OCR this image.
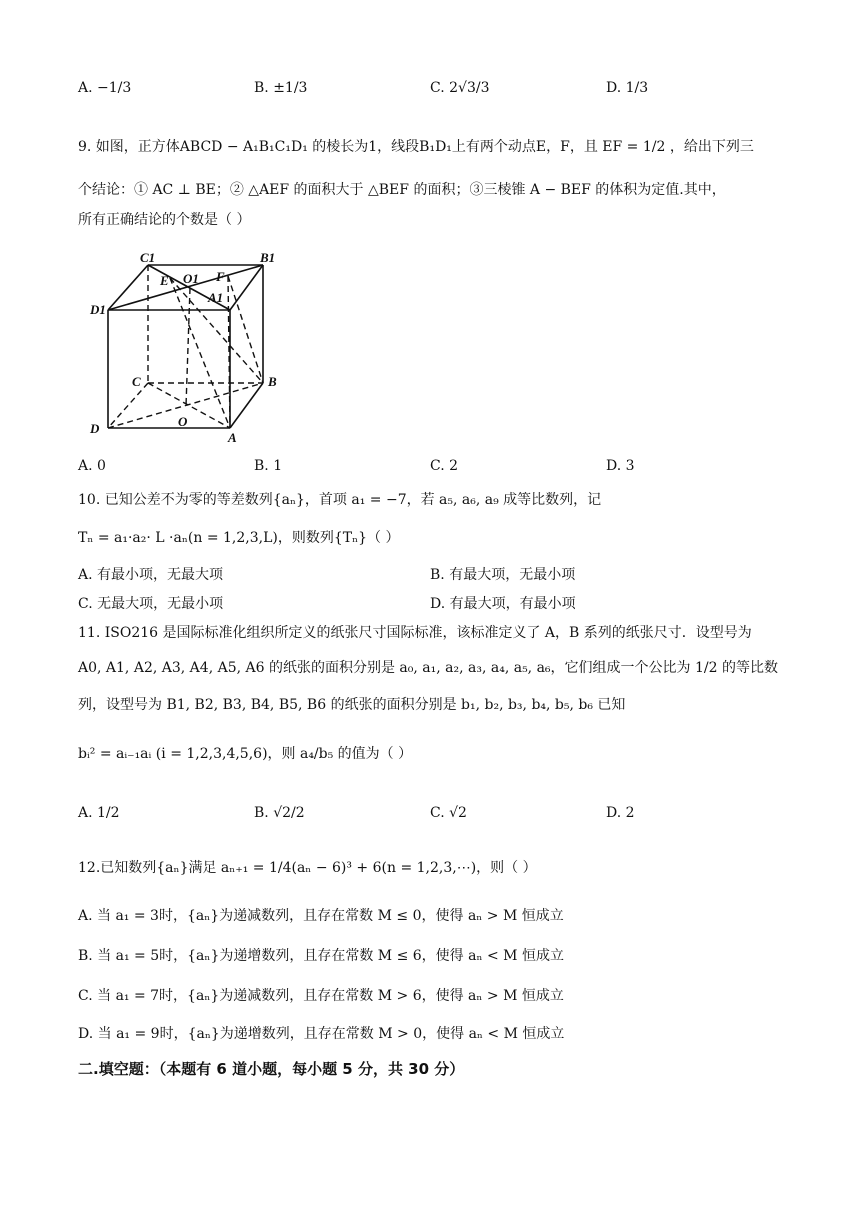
A. −1/3	B. ±1/3	C. 2√3/3	D. 1/3
9. 如图，正方体ABCD − A₁B₁C₁D₁ 的棱长为1，线段B₁D₁上有两个动点E，F，且 EF = 1/2 ，给出下列三
个结论：① AC ⊥ BE；② △AEF 的面积大于 △BEF 的面积；③三棱锥 A − BEF 的体积为定值.其中，
所有正确结论的个数是（ ）
C1
O1
B1
E	F
A1
D1
C	B
D	O
A
A. 0	B. 1	C. 2	D. 3
10. 已知公差不为零的等差数列{aₙ}，首项 a₁ = −7，若 a₅, a₆, a₉ 成等比数列，记
Tₙ = a₁·a₂· L ·aₙ(n = 1,2,3,L)，则数列{Tₙ}（ ）
A. 有最小项，无最大项	B. 有最大项，无最小项
C. 无最大项，无最小项	D. 有最大项，有最小项
11. ISO216 是国际标准化组织所定义的纸张尺寸国际标准，该标准定义了 A，B 系列的纸张尺寸．设型号为
A0, A1, A2, A3, A4, A5, A6 的纸张的面积分别是 a₀, a₁, a₂, a₃, a₄, a₅, a₆，它们组成一个公比为 1/2 的等比数
列，设型号为 B1, B2, B3, B4, B5, B6 的纸张的面积分别是 b₁, b₂, b₃, b₄, b₅, b₆ 已知
bᵢ² = aᵢ₋₁aᵢ (i = 1,2,3,4,5,6)，则 a₄/b₅ 的值为（ ）
A. 1/2	B. √2/2	C. √2	D. 2
12.已知数列{aₙ}满足 aₙ₊₁ = 1/4(aₙ − 6)³ + 6(n = 1,2,3,⋯)，则（ ）
A. 当 a₁ = 3时，{aₙ}为递减数列，且存在常数 M ≤ 0，使得 aₙ > M 恒成立
B. 当 a₁ = 5时，{aₙ}为递增数列，且存在常数 M ≤ 6，使得 aₙ < M 恒成立
C. 当 a₁ = 7时，{aₙ}为递减数列，且存在常数 M > 6，使得 aₙ > M 恒成立
D. 当 a₁ = 9时，{aₙ}为递增数列，且存在常数 M > 0，使得 aₙ < M 恒成立
二.填空题：（本题有 6 道小题，每小题 5 分，共 30 分）
